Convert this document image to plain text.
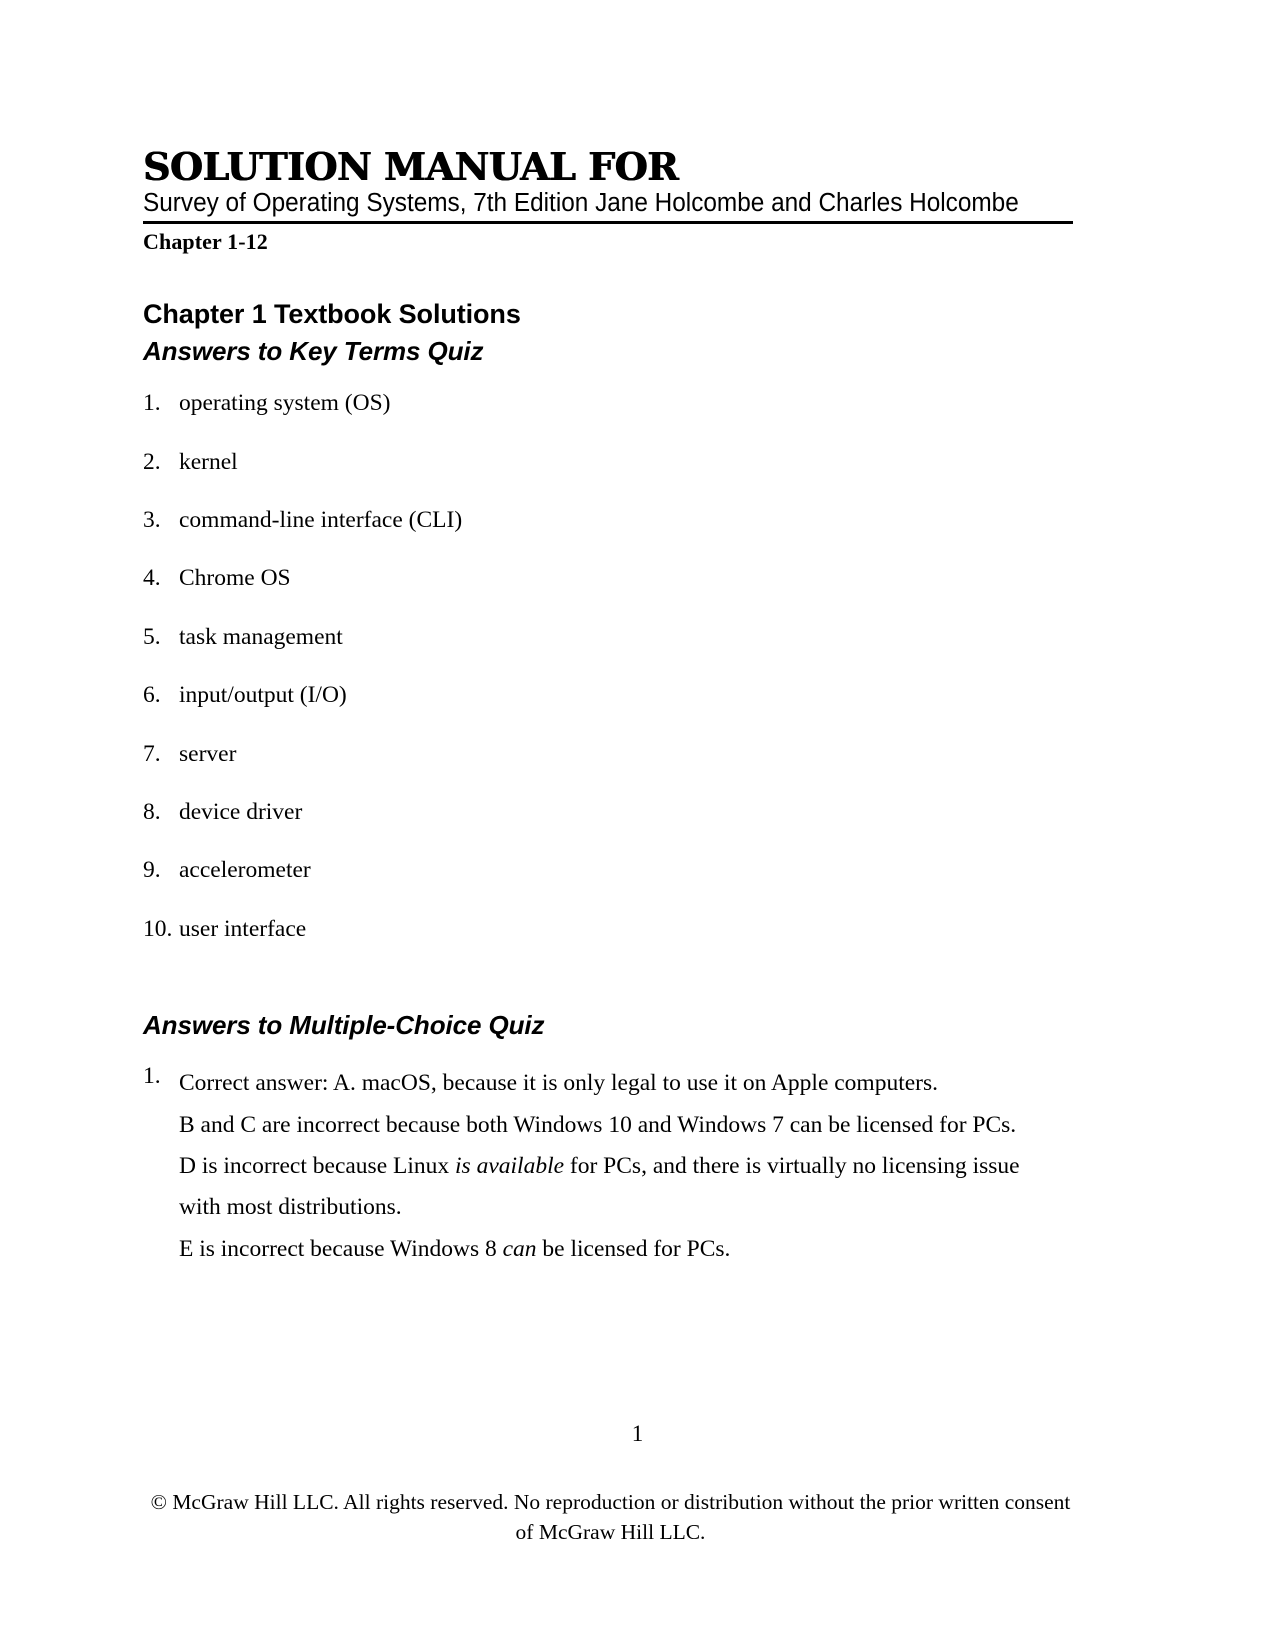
SOLUTION MANUAL FOR
Survey of Operating Systems, 7th Edition Jane Holcombe and Charles Holcombe
Chapter 1-12
Chapter 1 Textbook Solutions
Answers to Key Terms Quiz
1. operating system (OS)
2. kernel
3. command-line interface (CLI)
4. Chrome OS
5. task management
6. input/output (I/O)
7. server
8. device driver
9. accelerometer
10. user interface
Answers to Multiple-Choice Quiz
1. Correct answer: A. macOS, because it is only legal to use it on Apple computers.

B and C are incorrect because both Windows 10 and Windows 7 can be licensed for PCs.

D is incorrect because Linux is available for PCs, and there is virtually no licensing issue

with most distributions.

E is incorrect because Windows 8 can be licensed for PCs.

1
© McGraw Hill LLC. All rights reserved. No reproduction or distribution without the prior written consent of McGraw Hill LLC.
